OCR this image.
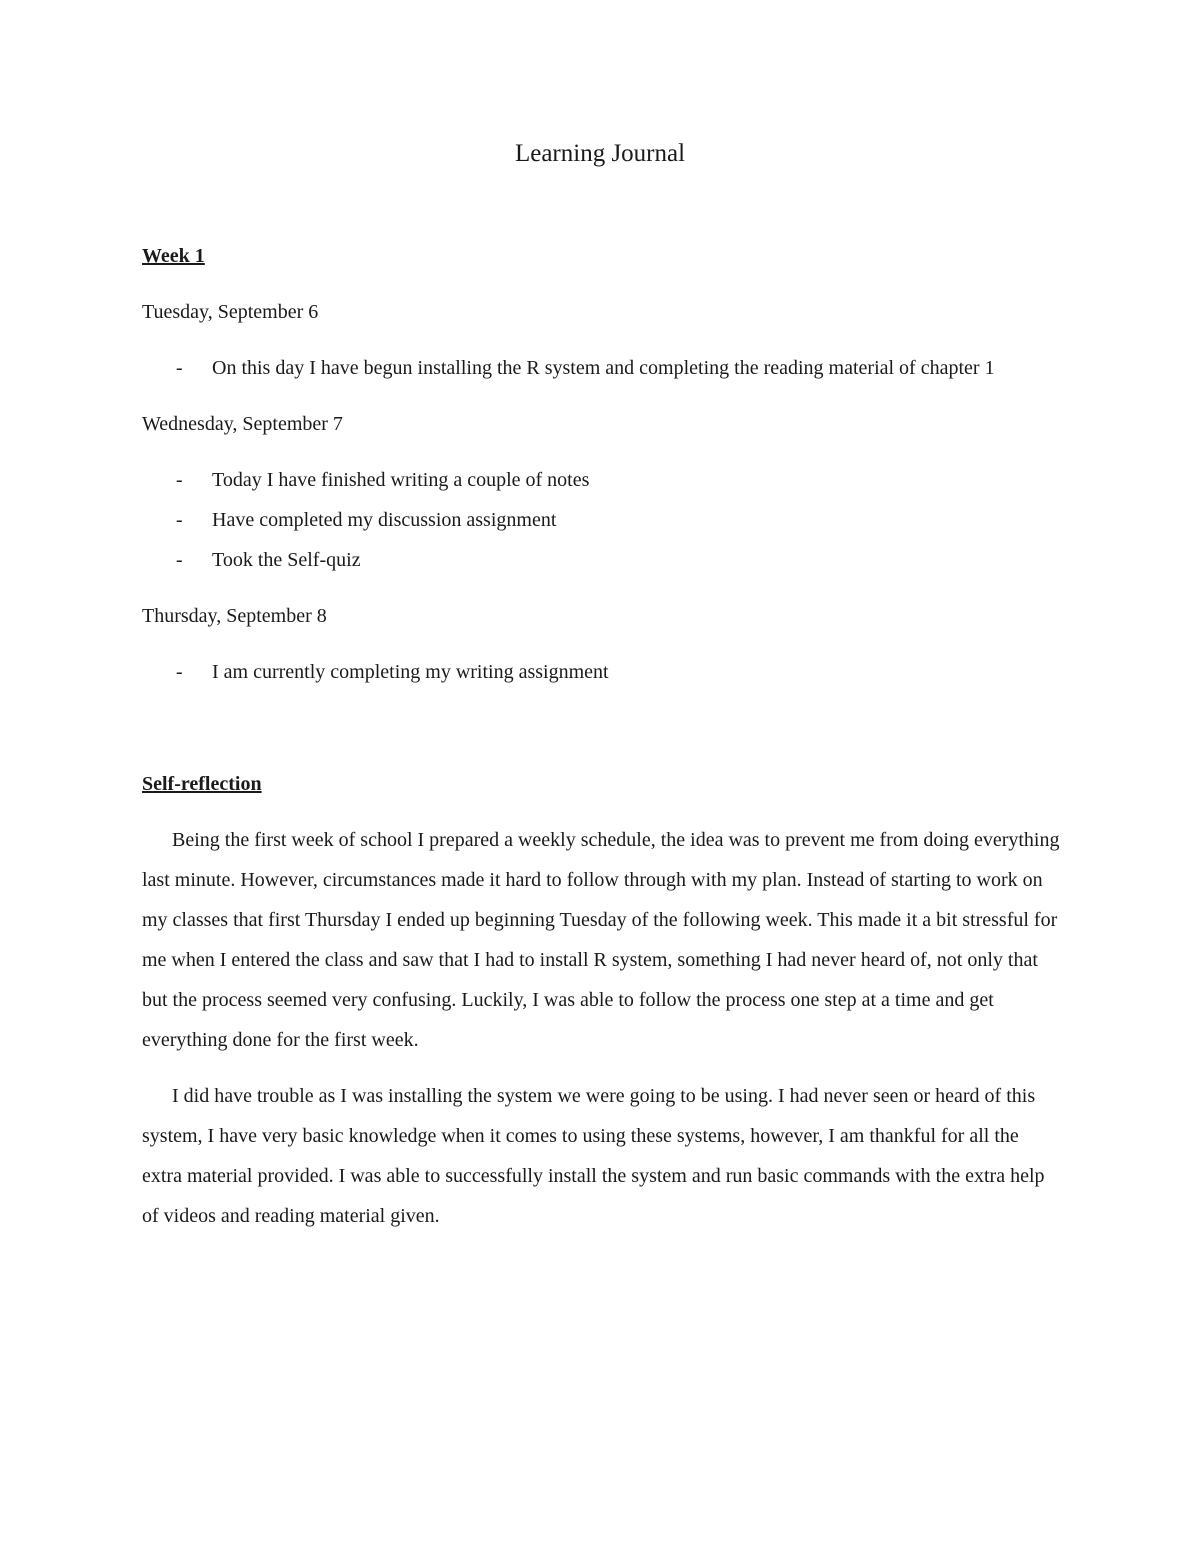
Learning Journal

Week 1

Tuesday, September 6

- On this day I have begun installing the R system and completing the reading material of chapter 1

Wednesday, September 7

- Today I have finished writing a couple of notes
- Have completed my discussion assignment
- Took the Self-quiz

Thursday, September 8

- I am currently completing my writing assignment

Self-reflection

Being the first week of school I prepared a weekly schedule, the idea was to prevent me from doing everything last minute. However, circumstances made it hard to follow through with my plan. Instead of starting to work on my classes that first Thursday I ended up beginning Tuesday of the following week. This made it a bit stressful for me when I entered the class and saw that I had to install R system, something I had never heard of, not only that but the process seemed very confusing. Luckily, I was able to follow the process one step at a time and get everything done for the first week.

I did have trouble as I was installing the system we were going to be using. I had never seen or heard of this system, I have very basic knowledge when it comes to using these systems, however, I am thankful for all the extra material provided. I was able to successfully install the system and run basic commands with the extra help of videos and reading material given.
